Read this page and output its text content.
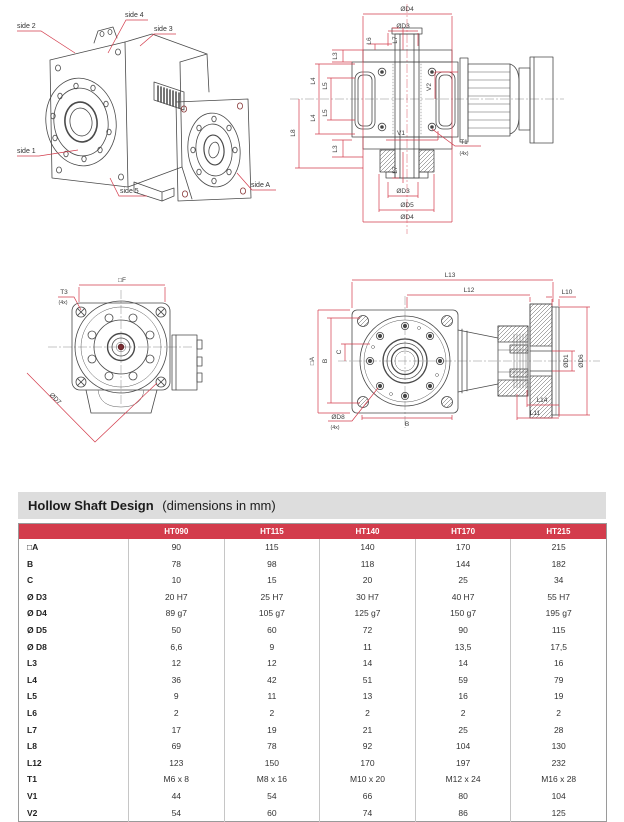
side 2
side 4
side 3
side 1
side 5
side A
ØD4
ØD3
L3
L6	L7
L4
L5
L4
L5
L8
L3
V2
V1
T1
(4x)
L7
ØD3
ØD5
ØD4
□F
T3
(4x)
ØD7
L13
L12	L10
ØD1 ØD6
L14
L11
□A B
C
ØD8
(4x)	B
Hollow Shaft Design (dimensions in mm)
	HT090	HT115	HT140	HT170	HT215
□A	90	115	140	170	215
B	78	98	118	144	182
C	10	15	20	25	34
Ø D3	20 H7	25 H7	30 H7	40 H7	55 H7
Ø D4	89 g7	105 g7	125 g7	150 g7	195 g7
Ø D5	50	60	72	90	115
Ø D8	6,6	9	11	13,5	17,5
L3	12	12	14	14	16
L4	36	42	51	59	79
L5	9	11	13	16	19
L6	2	2	2	2	2
L7	17	19	21	25	28
L8	69	78	92	104	130
L12	123	150	170	197	232
T1	M6 x 8	M8 x 16	M10 x 20	M12 x 24	M16 x 28
V1	44	54	66	80	104
V2	54	60	74	86	125
